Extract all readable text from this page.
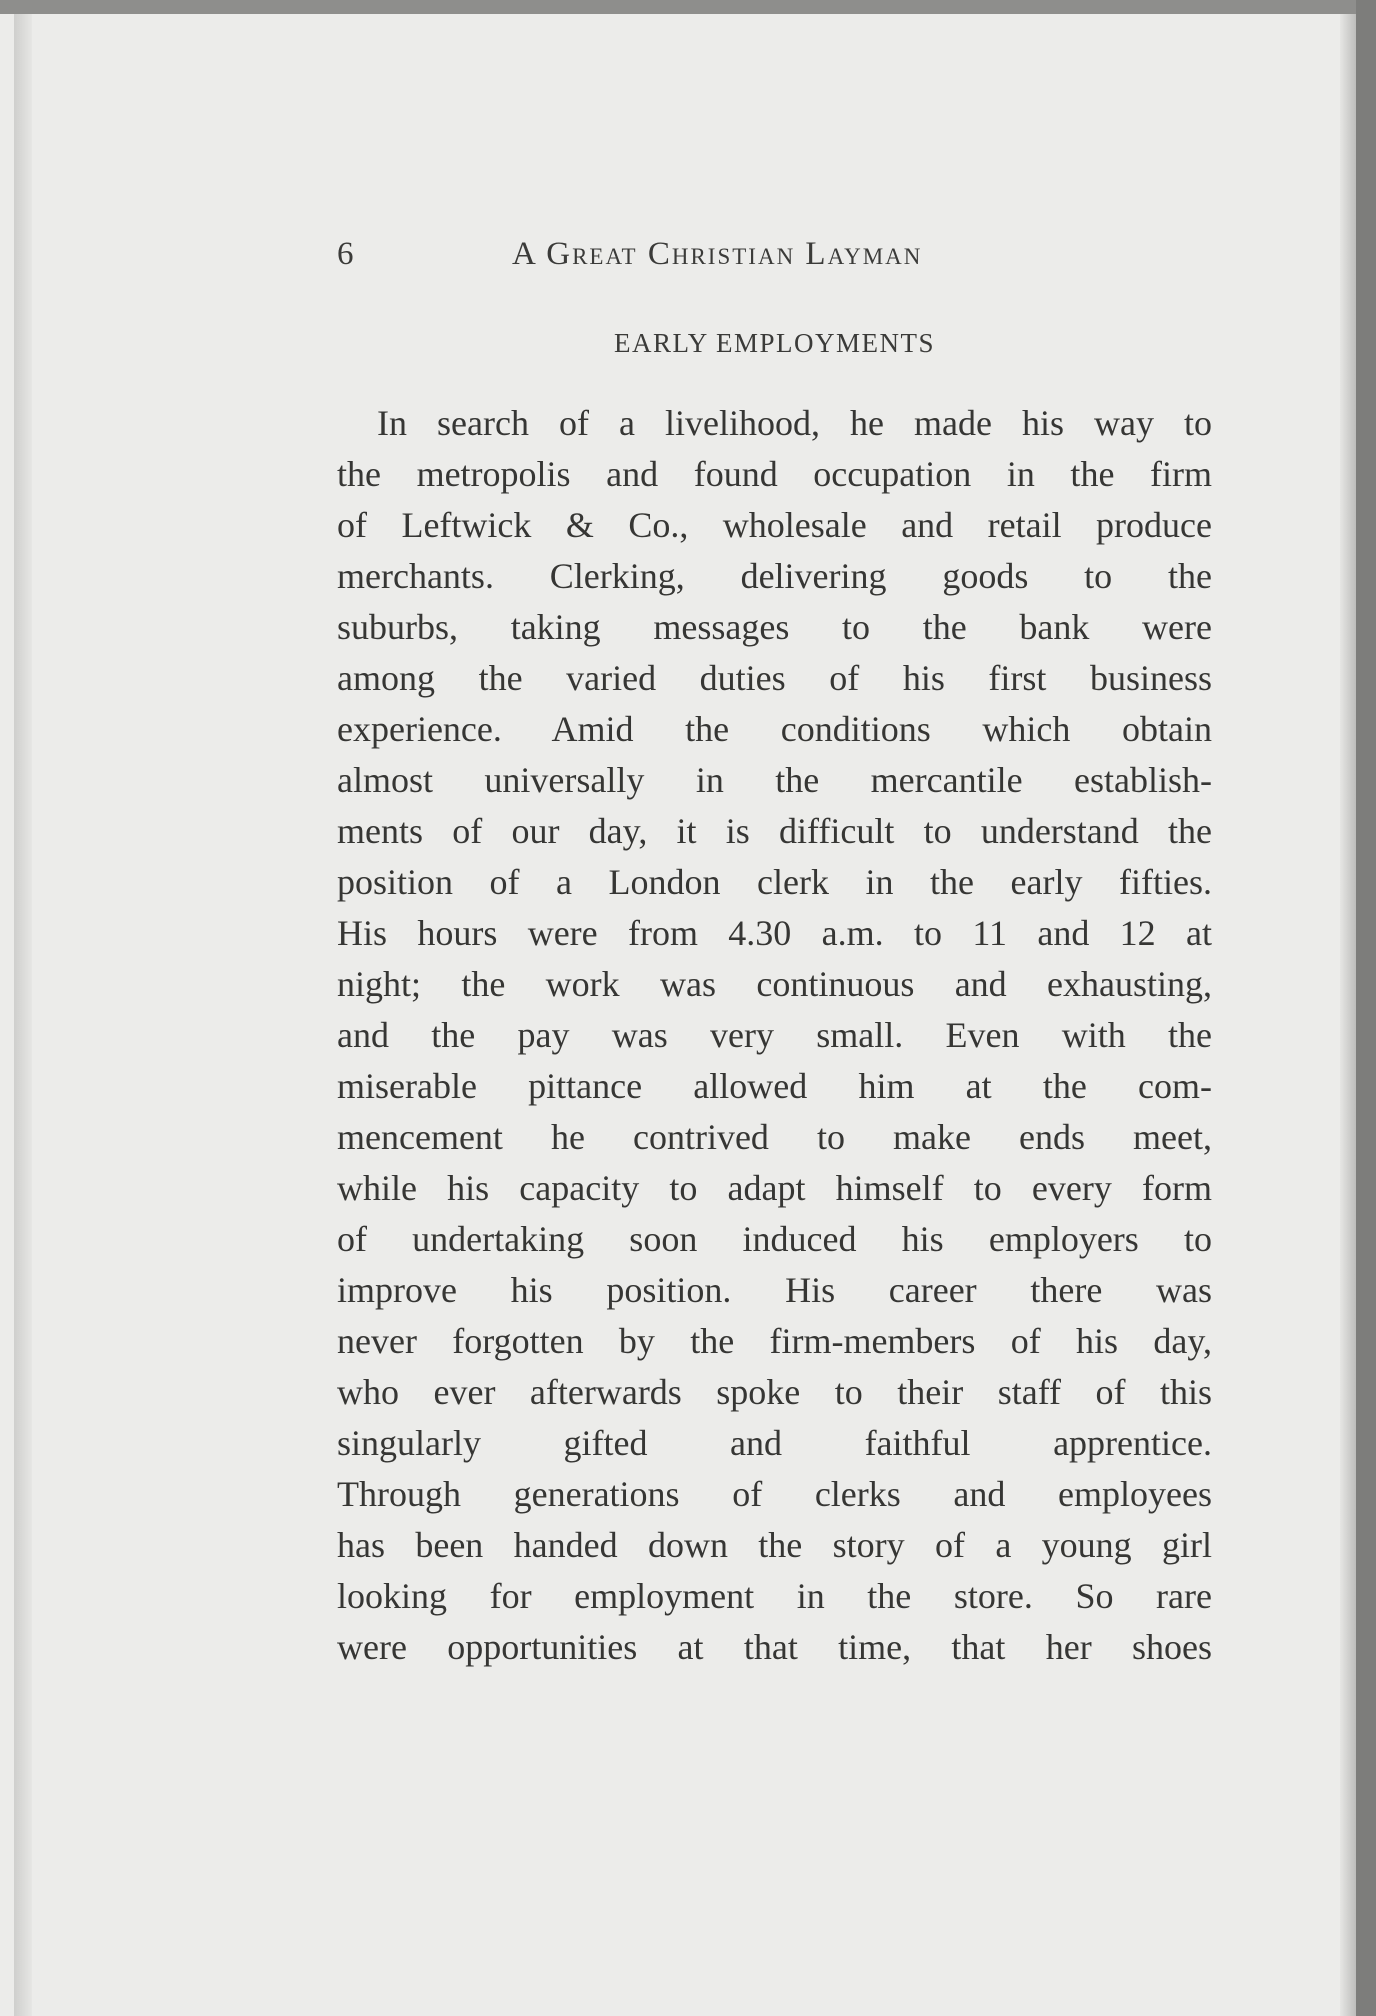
6	A Great Christian Layman
EARLY EMPLOYMENTS
In search of a livelihood, he made his way to
the metropolis and found occupation in the firm
of Leftwick & Co., wholesale and retail produce
merchants. Clerking, delivering goods to the
suburbs, taking messages to the bank were
among the varied duties of his first business
experience. Amid the conditions which obtain
almost universally in the mercantile establish-
ments of our day, it is difficult to understand the
position of a London clerk in the early fifties.
His hours were from 4.30 a.m. to 11 and 12 at
night; the work was continuous and exhausting,
and the pay was very small. Even with the
miserable pittance allowed him at the com-
mencement he contrived to make ends meet,
while his capacity to adapt himself to every form
of undertaking soon induced his employers to
improve his position. His career there was
never forgotten by the firm-members of his day,
who ever afterwards spoke to their staff of this
singularly gifted and faithful apprentice.
Through generations of clerks and employees
has been handed down the story of a young girl
looking for employment in the store. So rare
were opportunities at that time, that her shoes
